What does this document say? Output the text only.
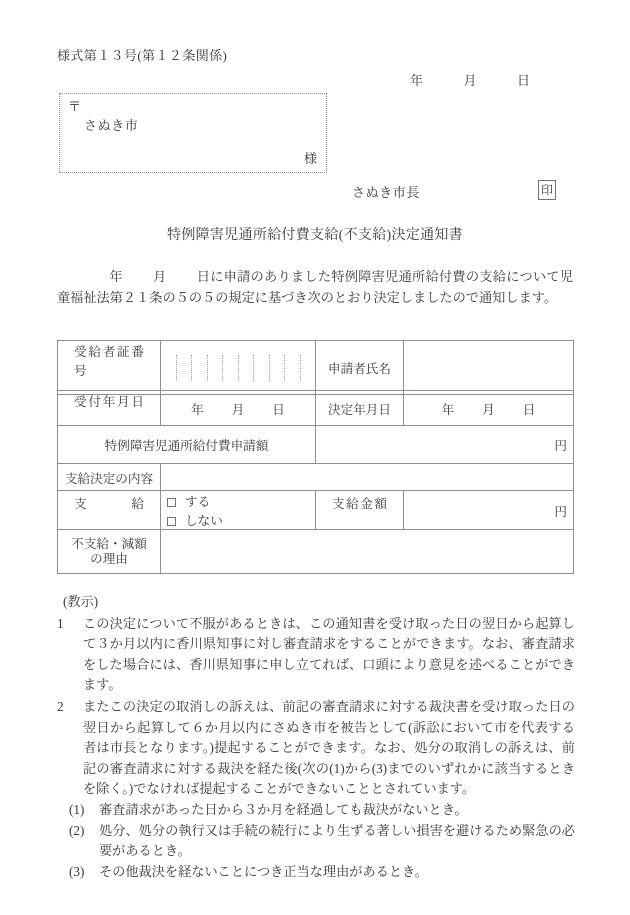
様式第１３号(第１２条関係)
年	月	日
〒
さぬき市
様
さぬき市長	印
特例障害児通所給付費支給(不支給)決定通知書
年 月 日に申請のありました特例障害児通所給付費の支給について児童福祉法第２１条の５の５の規定に基づき次のとおり決定しましたので通知します。
受給者証番号		申請者氏名	
受付年月日	年 月 日	決定年月日	年 月 日

特例障害児通所給付費申請額		円	
支給決定の内容			

支給	する しない	支給金額	円

不支給・減額
の理由			

(教示)
1	この決定について不服があるときは、この通知書を受け取った日の翌日から起算して３か月以内に香川県知事に対し審査請求をすることができます。なお、審査請求をした場合には、香川県知事に申し立てれば、口頭により意見を述べることができます。
2	またこの決定の取消しの訴えは、前記の審査請求に対する裁決書を受け取った日の翌日から起算して６か月以内にさぬき市を被告として(訴訟において市を代表する者は市長となります。)提起することができます。なお、処分の取消しの訴えは、前記の審査請求に対する裁決を経た後(次の(1)から(3)までのいずれかに該当するときを除く。)でなければ提起することができないこととされています。
(1)	審査請求があった日から３か月を経過しても裁決がないとき。
(2)	処分、処分の執行又は手続の続行により生ずる著しい損害を避けるため緊急の必要があるとき。
(3)	その他裁決を経ないことにつき正当な理由があるとき。
